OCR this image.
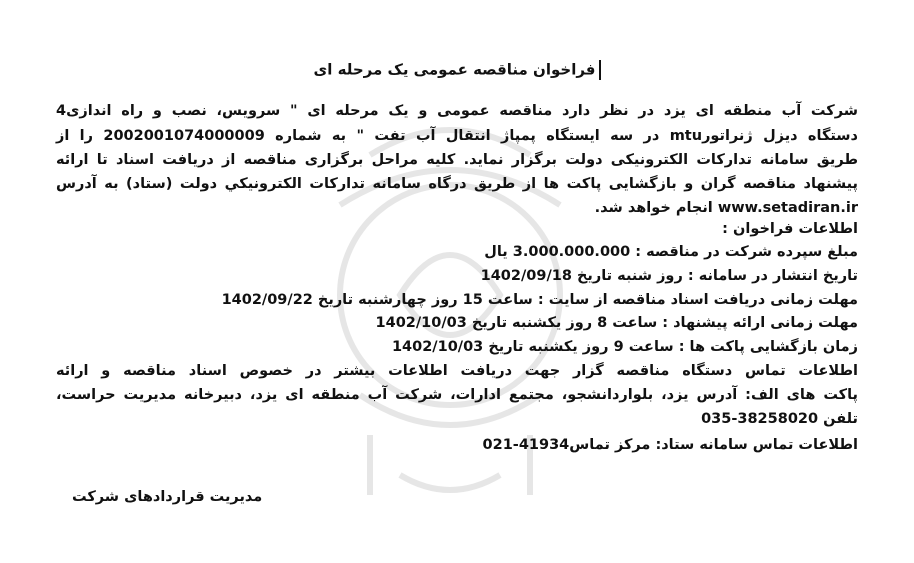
فراخوان مناقصه عمومی یک مرحله ای
شرکت آب منطقه ای یزد در نظر دارد مناقصه عمومی و یک مرحله ای " سرویس، نصب و راه اندازی4
دستگاه دیزل ژنراتورmtu در سه ایستگاه پمپاژ انتقال آب تفت " به شماره 2002001074000009 را از
طریق سامانه تدارکات الکترونیکی دولت برگزار نماید. کلیه مراحل برگزاری مناقصه از دریافت اسناد تا ارائه
پیشنهاد مناقصه گران و بازگشایی پاکت ها از طریق درگاه سامانه تدارکات الکترونيکي دولت (ستاد) به آدرس
www.setadiran.ir انجام خواهد شد.
اطلاعات فراخوان :
مبلغ سپرده شرکت در مناقصه : 3.000.000.000 یال
تاریخ انتشار در سامانه : روز شنبه تاریخ 1402/09/18
مهلت زمانی دریافت اسناد مناقصه از سایت : ساعت 15 روز چهارشنبه تاریخ 1402/09/22
مهلت زمانی ارائه پیشنهاد : ساعت 8 روز یکشنبه تاریخ 1402/10/03
زمان بازگشایی پاکت ها : ساعت 9 روز یکشنبه تاریخ 1402/10/03
اطلاعات تماس دستگاه مناقصه گزار جهت دریافت اطلاعات بیشتر در خصوص اسناد مناقصه و ارائه
پاکت های الف: آدرس یزد، بلواردانشجو، مجتمع ادارات، شرکت آب منطقه ای یزد، دبیرخانه مدیریت حراست،
تلفن 38258020-035
اطلاعات تماس سامانه ستاد: مرکز تماس41934-021
مدیریت قراردادهای شرکت
